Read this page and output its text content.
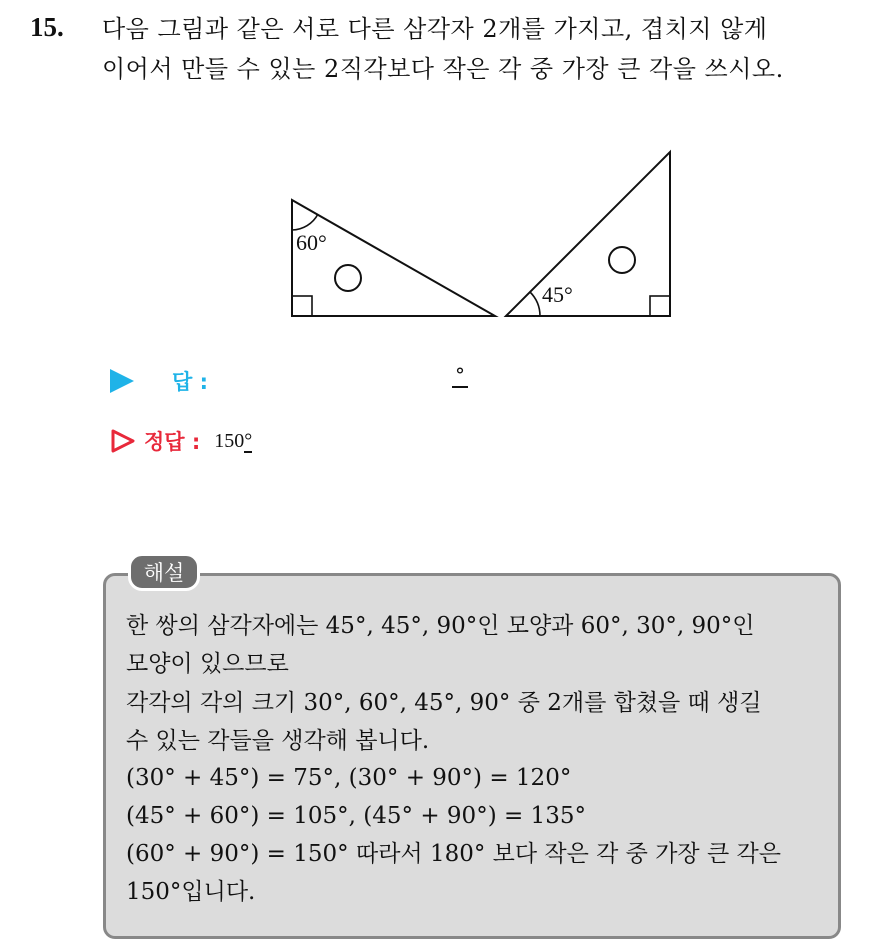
15. 다음 그림과 같은 서로 다른 삼각자 2개를 가지고, 겹치지 않게
이어서 만들 수 있는 2직각보다 작은 각 중 가장 큰 각을 쓰시오.
60°
45°
답 :	°
정답 : 150°
해설
한 쌍의 삼각자에는 45°, 45°, 90°인 모양과 60°, 30°, 90°인
모양이 있으므로
각각의 각의 크기 30°, 60°, 45°, 90° 중 2개를 합쳤을 때 생길
수 있는 각들을 생각해 봅니다.
(30° + 45°) = 75°, (30° + 90°) = 120°
(45° + 60°) = 105°, (45° + 90°) = 135°
(60° + 90°) = 150° 따라서 180° 보다 작은 각 중 가장 큰 각은
150°입니다.
